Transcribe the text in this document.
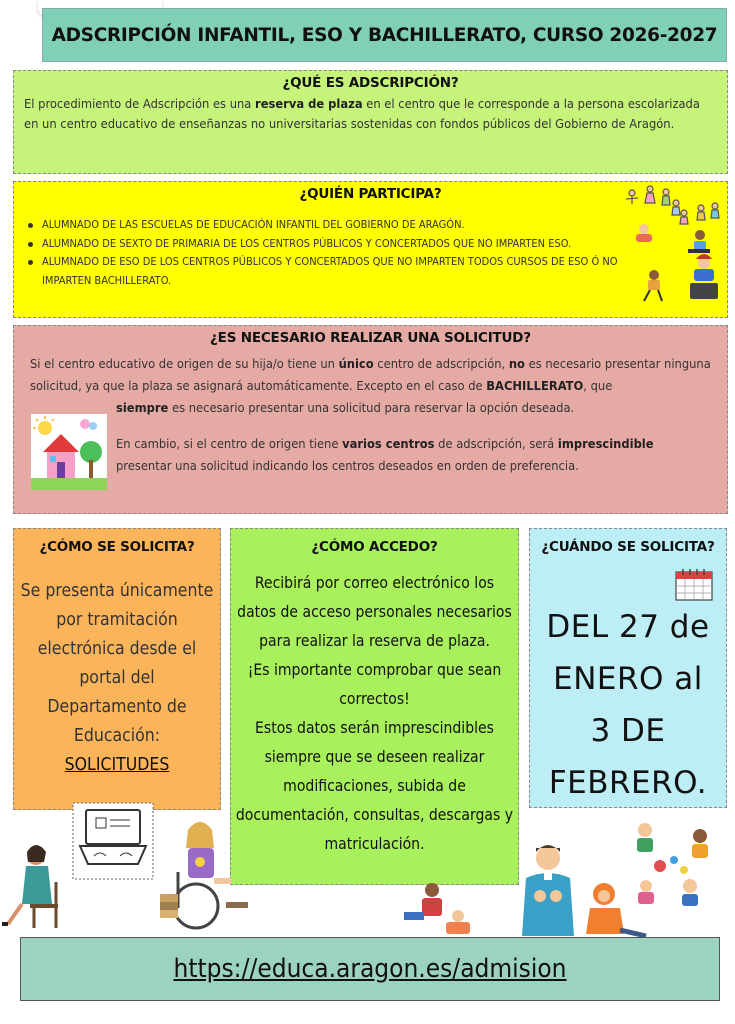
ADSCRIPCIÓN INFANTIL, ESO Y BACHILLERATO, CURSO 2026-2027
¿QUÉ ES ADSCRIPCIÓN?

El procedimiento de Adscripción es una reserva de plaza en el centro que le corresponde a la persona escolarizada en un centro educativo de enseñanzas no universitarias sostenidas con fondos públicos del Gobierno de Aragón.

¿QUIÉN PARTICIPA?
ALUMNADO DE LAS ESCUELAS DE EDUCACIÓN INFANTIL DEL GOBIERNO DE ARAGÓN.
ALUMNADO DE SEXTO DE PRIMARIA DE LOS CENTROS PÚBLICOS Y CONCERTADOS QUE NO IMPARTEN ESO.
ALUMNADO DE ESO DE LOS CENTROS PÚBLICOS Y CONCERTADOS QUE NO IMPARTEN TODOS CURSOS DE ESO Ó NO IMPARTEN BACHILLERATO.
¿ES NECESARIO REALIZAR UNA SOLICITUD?

Si el centro educativo de origen de su hija/o tiene un único centro de adscripción, no es necesario presentar ninguna solicitud, ya que la plaza se asignará automáticamente. Excepto en el caso de BACHILLERATO, que

siempre es necesario presentar una solicitud para reservar la opción deseada.

En cambio, si el centro de origen tiene varios centros de adscripción, será imprescindible presentar una solicitud indicando los centros deseados en orden de preferencia.

¿CÓMO SE SOLICITA?
Se presenta únicamente por tramitación electrónica desde el portal del Departamento de Educación:
SOLICITUDES
¿CÓMO ACCEDO?
Recibirá por correo electrónico los datos de acceso personales necesarios para realizar la reserva de plaza.
¡Es importante comprobar que sean correctos!
Estos datos serán imprescindibles siempre que se deseen realizar modificaciones, subida de documentación, consultas, descargas y matriculación.
¿CUÁNDO SE SOLICITA?
DEL 27 de
ENERO al
3 DE
FEBRERO.
https://educa.aragon.es/admision
